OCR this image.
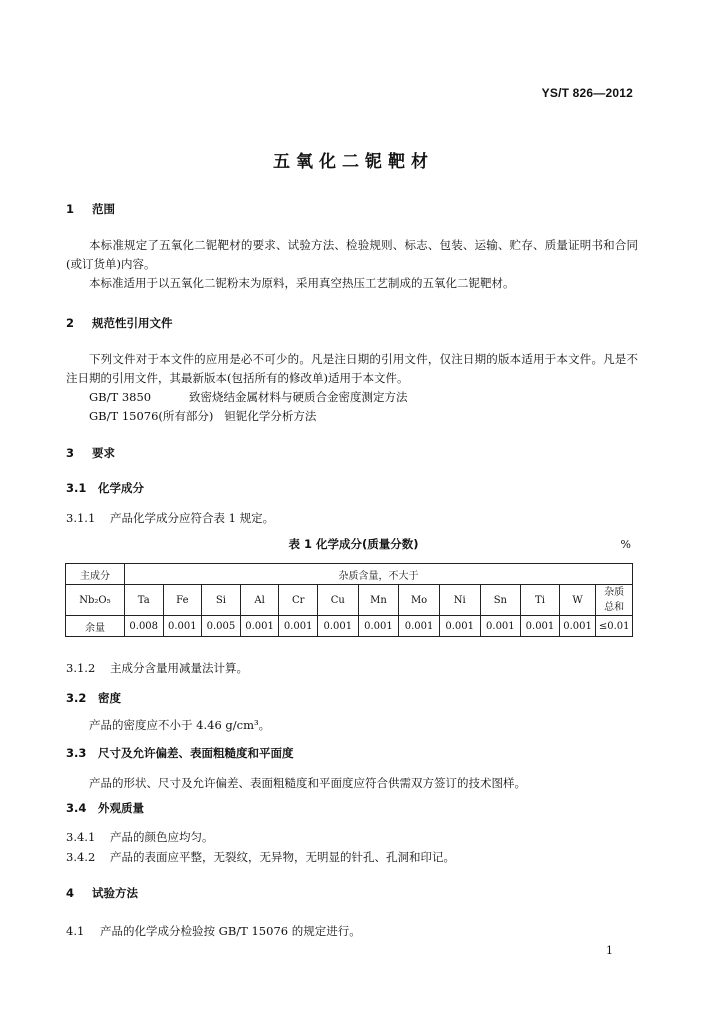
YS/T 826—2012
五氧化二铌靶材
1 范围
本标准规定了五氧化二铌靶材的要求、试验方法、检验规则、标志、包装、运输、贮存、质量证明书和合同(或订货单)内容。
本标准适用于以五氧化二铌粉末为原料，采用真空热压工艺制成的五氧化二铌靶材。
2 规范性引用文件
下列文件对于本文件的应用是必不可少的。凡是注日期的引用文件，仅注日期的版本适用于本文件。凡是不注日期的引用文件，其最新版本(包括所有的修改单)适用于本文件。
GB/T 3850	致密烧结金属材料与硬质合金密度测定方法
GB/T 15076(所有部分) 钽铌化学分析方法
3 要求
3.1 化学成分
3.1.1 产品化学成分应符合表 1 规定。
表 1 化学成分(质量分数)	%
主成分	杂质含量，不大于												
Nb₂O₅	Ta	Fe	Si	Al	Cr	Cu	Mn	Mo	Ni	Sn	Ti	W	杂质
总和

余量	0.008	0.001	0.005	0.001	0.001	0.001	0.001	0.001	0.001	0.001	0.001	0.001	≤0.01
3.1.2 主成分含量用减量法计算。
3.2 密度
产品的密度应不小于 4.46 g/cm³。
3.3 尺寸及允许偏差、表面粗糙度和平面度
产品的形状、尺寸及允许偏差、表面粗糙度和平面度应符合供需双方签订的技术图样。
3.4 外观质量
3.4.1 产品的颜色应均匀。
3.4.2 产品的表面应平整，无裂纹，无异物，无明显的针孔、孔洞和印记。
4 试验方法
4.1 产品的化学成分检验按 GB/T 15076 的规定进行。
1
